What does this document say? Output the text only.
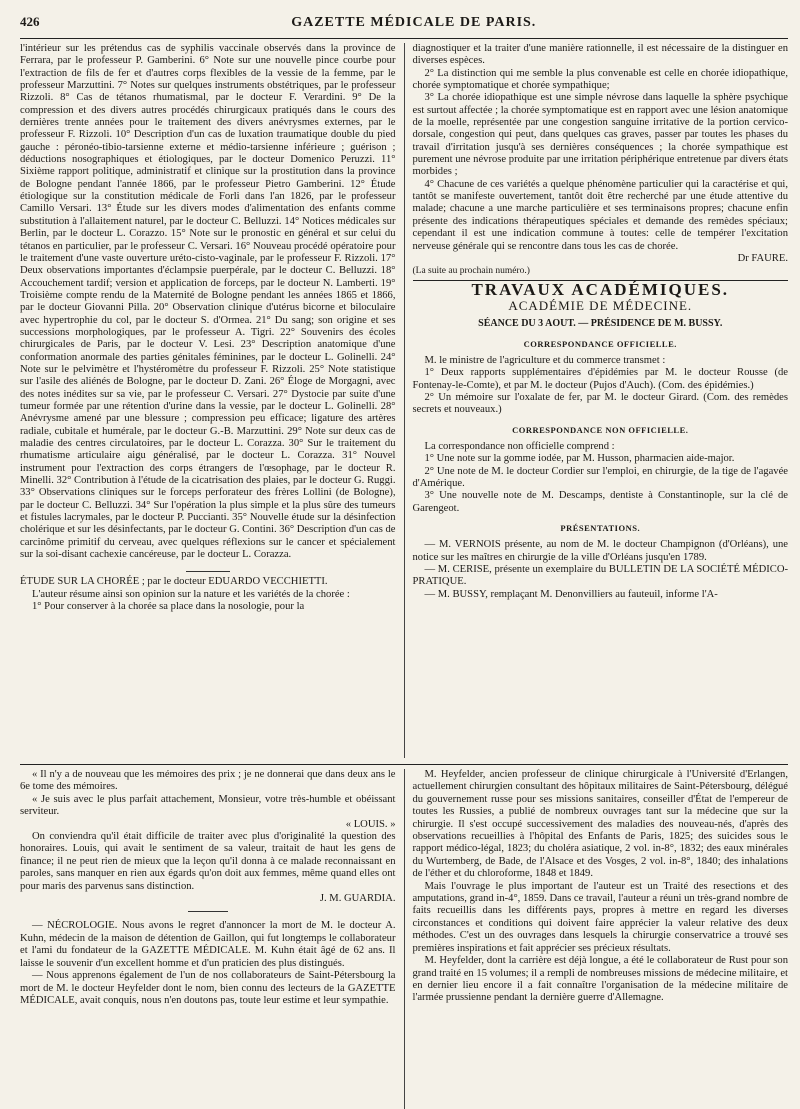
426	GAZETTE MÉDICALE DE PARIS.

l'intérieur sur les prétendus cas de syphilis vaccinale observés dans la province de Ferrara, par le professeur P. Gamberini. 6° Note sur une nouvelle pince courbe pour l'extraction de fils de fer et d'autres corps flexibles de la vessie de la femme, par le professeur Marzuttini. 7° Notes sur quelques instruments obstétriques, par le professeur Rizzoli. 8° Cas de tétanos rhumatismal, par le docteur F. Verardini. 9° De la compression et des divers autres procédés chirurgicaux pratiqués dans le cours des dernières trente années pour le traitement des divers anévrysmes externes, par le professeur F. Rizzoli. 10° Description d'un cas de luxation traumatique double du pied gauche : péronéo-tibio-tarsienne externe et médio-tarsienne inférieure ; guérison ; déductions nosographiques et étiologiques, par le docteur Domenico Peruzzi. 11° Sixième rapport politique, administratif et clinique sur la prostitution dans la province de Bologne pendant l'année 1866, par le professeur Pietro Gamberini. 12° Étude étiologique sur la constitution médicale de Forli dans l'an 1826, par le professeur Camillo Versari. 13° Étude sur les divers modes d'alimentation des enfants comme substitution à l'allaitement naturel, par le docteur C. Belluzzi. 14° Notices médicales sur Berlin, par le docteur L. Corazzo. 15° Note sur le pronostic en général et sur celui du tétanos en particulier, par le professeur C. Versari. 16° Nouveau procédé opératoire pour le traitement d'une vaste ouverture uréto-cisto-vaginale, par le professeur F. Rizzoli. 17° Deux observations importantes d'éclampsie puerpérale, par le docteur C. Belluzzi. 18° Accouchement tardif; version et application de forceps, par le docteur N. Lamberti. 19° Troisième compte rendu de la Maternité de Bologne pendant les années 1865 et 1866, par le docteur Giovanni Pilla. 20° Observation clinique d'utérus bicorne et biloculaire avec hypertrophie du col, par le docteur S. d'Ormea. 21° Du sang; son origine et ses successions morphologiques, par le professeur A. Tigri. 22° Souvenirs des écoles chirurgicales de Paris, par le docteur V. Lesi. 23° Description anatomique d'une conformation anormale des parties génitales féminines, par le docteur L. Golinelli. 24° Note sur le pelvimètre et l'hystéromètre du professeur F. Rizzoli. 25° Note statistique sur l'asile des aliénés de Bologne, par le docteur D. Zani. 26° Éloge de Morgagni, avec des notes inédites sur sa vie, par le professeur C. Versari. 27° Dystocie par suite d'une tumeur formée par une rétention d'urine dans la vessie, par le docteur L. Golinelli. 28° Anévrysme amené par une blessure ; compression peu efficace; ligature des artères radiale, cubitale et humérale, par le docteur G.-B. Marzuttini. 29° Note sur deux cas de maladie des centres circulatoires, par le docteur L. Corazza. 30° Sur le traitement du rhumatisme articulaire aigu généralisé, par le docteur L. Corazza. 31° Nouvel instrument pour l'extraction des corps étrangers de l'œsophage, par le docteur R. Minelli. 32° Contribution à l'étude de la cicatrisation des plaies, par le docteur G. Ruggi. 33° Observations cliniques sur le forceps perforateur des frères Lollini (de Bologne), par le docteur C. Belluzzi. 34° Sur l'opération la plus simple et la plus sûre des tumeurs et fistules lacrymales, par le docteur P. Puccianti. 35° Nouvelle étude sur la désinfection cholérique et sur les désinfectants, par le docteur G. Contini. 36° Description d'un cas de carcinôme primitif du cerveau, avec quelques réflexions sur le cancer et spécialement sur la soi-disant cachexie cancéreuse, par le docteur L. Corazza.

ÉTUDE SUR LA CHORÉE ; par le docteur EDUARDO VECCHIETTI.

L'auteur résume ainsi son opinion sur la nature et les variétés de la chorée :

1° Pour conserver à la chorée sa place dans la nosologie, pour la

diagnostiquer et la traiter d'une manière rationnelle, il est nécessaire de la distinguer en diverses espèces.

2° La distinction qui me semble la plus convenable est celle en chorée idiopathique, chorée symptomatique et chorée sympathique;

3° La chorée idiopathique est une simple névrose dans laquelle la sphère psychique est surtout affectée ; la chorée symptomatique est en rapport avec une lésion anatomique de la moelle, représentée par une congestion sanguine irritative de la portion cervico-dorsale, congestion qui peut, dans quelques cas graves, passer par toutes les phases du travail d'irritation jusqu'à ses dernières conséquences ; la chorée sympathique est purement une névrose produite par une irritation périphérique entretenue par divers états morbides ;

4° Chacune de ces variétés a quelque phénomène particulier qui la caractérise et qui, tantôt se manifeste ouvertement, tantôt doit être recherché par une étude attentive du malade; chacune a une marche particulière et ses terminaisons propres; chacune enfin présente des indications thérapeutiques spéciales et demande des remèdes spéciaux; cependant il est une indication commune à toutes: celle de tempérer l'excitation nerveuse générale qui se rencontre dans tous les cas de chorée.

Dr FAURE.

(La suite au prochain numéro.)

TRAVAUX ACADÉMIQUES.
ACADÉMIE DE MÉDECINE.
SÉANCE DU 3 AOUT. — PRÉSIDENCE DE M. BUSSY.
CORRESPONDANCE OFFICIELLE.

M. le ministre de l'agriculture et du commerce transmet :

1° Deux rapports supplémentaires d'épidémies par M. le docteur Rousse (de Fontenay-le-Comte), et par M. le docteur (Pujos d'Auch). (Com. des épidémies.)

2° Un mémoire sur l'oxalate de fer, par M. le docteur Girard. (Com. des remèdes secrets et nouveaux.)

CORRESPONDANCE NON OFFICIELLE.

La correspondance non officielle comprend :

1° Une note sur la gomme iodée, par M. Husson, pharmacien aide-major.

2° Une note de M. le docteur Cordier sur l'emploi, en chirurgie, de la tige de l'agavée d'Amérique.

3° Une nouvelle note de M. Descamps, dentiste à Constantinople, sur la clé de Garengeot.

PRÉSENTATIONS.

— M. VERNOIS présente, au nom de M. le docteur Champignon (d'Orléans), une notice sur les maîtres en chirurgie de la ville d'Orléans jusqu'en 1789.

— M. CERISE, présente un exemplaire du BULLETIN DE LA SOCIÉTÉ MÉDICO-PRATIQUE.

— M. BUSSY, remplaçant M. Denonvilliers au fauteuil, informe l'A-

« Il n'y a de nouveau que les mémoires des prix ; je ne donnerai que dans deux ans le 6e tome des mémoires.

« Je suis avec le plus parfait attachement, Monsieur, votre très-humble et obéissant serviteur.

« LOUIS. »

On conviendra qu'il était difficile de traiter avec plus d'originalité la question des honoraires. Louis, qui avait le sentiment de sa valeur, traitait de haut les gens de finance; il ne peut rien de mieux que la leçon qu'il donna à ce malade reconnaissant en paroles, sans manquer en rien aux égards qu'on doit aux femmes, même quand elles ont pour maris des parvenus sans distinction.

J. M. GUARDIA.

— NÉCROLOGIE. Nous avons le regret d'annoncer la mort de M. le docteur A. Kuhn, médecin de la maison de détention de Gaillon, qui fut longtemps le collaborateur et l'ami du fondateur de la GAZETTE MÉDICALE. M. Kuhn était âgé de 62 ans. Il laisse le souvenir d'un excellent homme et d'un praticien des plus distingués.

— Nous apprenons également de l'un de nos collaborateurs de Saint-Pétersbourg la mort de M. le docteur Heyfelder dont le nom, bien connu des lecteurs de la GAZETTE MÉDICALE, avait conquis, nous n'en doutons pas, toute leur estime et leur sympathie.

M. Heyfelder, ancien professeur de clinique chirurgicale à l'Université d'Erlangen, actuellement chirurgien consultant des hôpitaux militaires de Saint-Pétersbourg, délégué du gouvernement russe pour ses missions sanitaires, conseiller d'État de l'empereur de toutes les Russies, a publié de nombreux ouvrages tant sur la médecine que sur la chirurgie. Il s'est occupé successivement des maladies des nouveau-nés, d'après des observations recueillies à l'hôpital des Enfants de Paris, 1825; des suicides sous le rapport médico-légal, 1823; du choléra asiatique, 2 vol. in-8°, 1832; des eaux minérales du Wurtemberg, de Bade, de l'Alsace et des Vosges, 2 vol. in-8°, 1840; des inhalations de l'éther et du chloroforme, 1848 et 1849.

Mais l'ouvrage le plus important de l'auteur est un Traité des resections et des amputations, grand in-4°, 1859. Dans ce travail, l'auteur a réuni un très-grand nombre de faits recueillis dans les différents pays, propres à mettre en regard les diverses circonstances et conditions qui doivent faire apprécier la valeur relative des deux méthodes. C'est un des ouvrages dans lesquels la chirurgie conservatrice a trouvé ses premières inspirations et fait apprécier ses précieux résultats.

M. Heyfelder, dont la carrière est déjà longue, a été le collaborateur de Rust pour son grand traité en 15 volumes; il a rempli de nombreuses missions de médecine militaire, et en dernier lieu encore il a fait connaître l'organisation de la médecine militaire de l'armée prussienne pendant la dernière guerre d'Allemagne.
